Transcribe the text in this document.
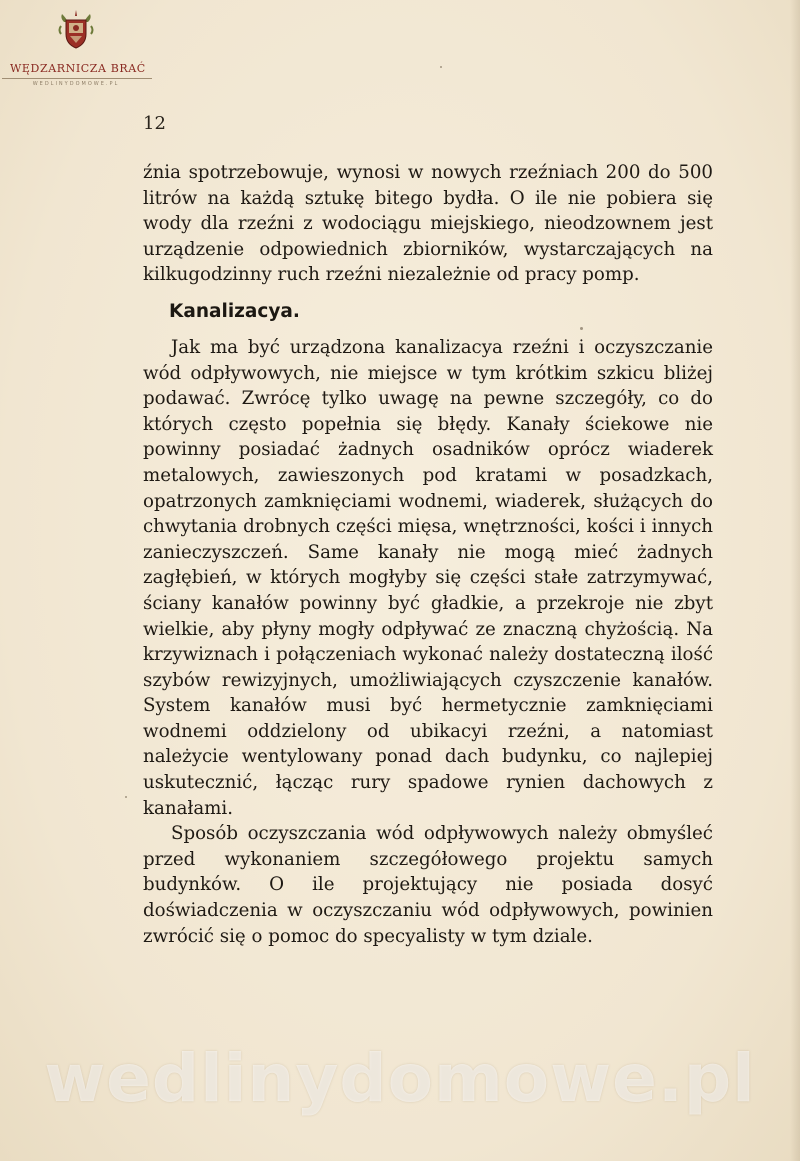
WĘDZARNICZA BRAĆ
WEDLINYDOMOWE.PL
12

źnia spotrzebowuje, wynosi w nowych rzeźniach 200 do 500 litrów na każdą sztukę bitego bydła. O ile nie pobiera się wody dla rzeźni z wodociągu miejskiego, nieodzownem jest urządzenie odpowiednich zbiorników, wystarczających na kilkugodzinny ruch rzeźni niezależnie od pracy pomp.

Kanalizacya.

Jak ma być urządzona kanalizacya rzeźni i oczyszczanie wód odpływowych, nie miejsce w tym krótkim szkicu bliżej podawać. Zwrócę tylko uwagę na pewne szczegóły, co do których często popełnia się błędy. Kanały ściekowe nie powinny posiadać żadnych osadników oprócz wiaderek metalowych, zawieszonych pod kratami w posadzkach, opatrzonych zamknięciami wodnemi, wiaderek, służących do chwytania drobnych części mięsa, wnętrzności, kości i innych zanieczyszczeń. Same kanały nie mogą mieć żadnych zagłębień, w których mogłyby się części stałe zatrzymywać, ściany kanałów powinny być gładkie, a przekroje nie zbyt wielkie, aby płyny mogły odpływać ze znaczną chyżością. Na krzywiznach i połączeniach wykonać należy dostateczną ilość szybów rewizyjnych, umożliwiających czyszczenie kanałów. System kanałów musi być hermetycznie zamknięciami wodnemi oddzielony od ubikacyi rzeźni, a natomiast należycie wentylowany ponad dach budynku, co najlepiej uskutecznić, łącząc rury spadowe rynien dachowych z kanałami.

Sposób oczyszczania wód odpływowych należy obmyśleć przed wykonaniem szczegółowego projektu samych budynków. O ile projektujący nie posiada dosyć doświadczenia w oczyszczaniu wód odpływowych, powinien zwrócić się o pomoc do specyalisty w tym dziale.

wedlinydomowe.pl
